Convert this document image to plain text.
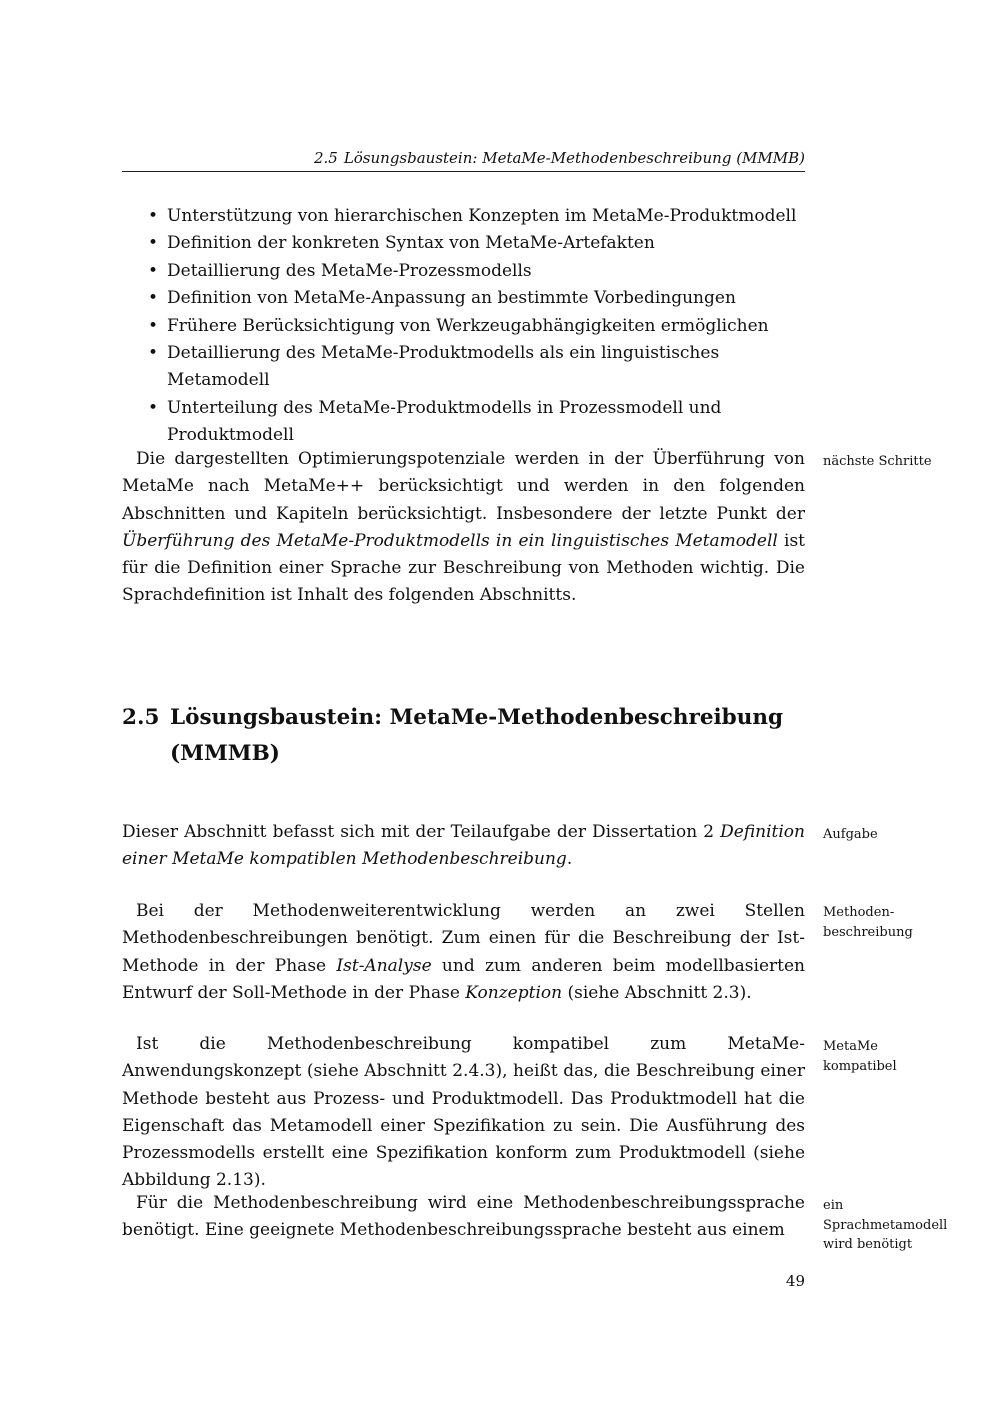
2.5 Lösungsbaustein: MetaMe-Methodenbeschreibung (MMMB)
• Unterstützung von hierarchischen Konzepten im MetaMe-Produktmodell
• Definition der konkreten Syntax von MetaMe-Artefakten
• Detaillierung des MetaMe-Prozessmodells
• Definition von MetaMe-Anpassung an bestimmte Vorbedingungen
• Frühere Berücksichtigung von Werkzeugabhängigkeiten ermöglichen
• Detaillierung des MetaMe-Produktmodells als ein linguistisches Metamodell
• Unterteilung des MetaMe-Produktmodells in Prozessmodell und Produktmodell

Die dargestellten Optimierungspotenziale werden in der Überführung von MetaMe nach MetaMe++ berücksichtigt und werden in den folgenden Abschnitten und Kapiteln berücksichtigt. Insbesondere der letzte Punkt der Überführung des MetaMe-Produktmodells in ein linguistisches Metamodell ist für die Definition einer Sprache zur Beschreibung von Methoden wichtig. Die Sprachdefinition ist Inhalt des folgenden Abschnitts.

nächste Schritte
2.5 Lösungsbaustein: MetaMe-Methodenbeschreibung (MMMB)

Dieser Abschnitt befasst sich mit der Teilaufgabe der Dissertation 2 Definition einer MetaMe kompatiblen Methodenbeschreibung.

Aufgabe

Bei der Methodenweiterentwicklung werden an zwei Stellen Methodenbeschreibungen benötigt. Zum einen für die Beschreibung der Ist-Methode in der Phase Ist-Analyse und zum anderen beim modellbasierten Entwurf der Soll-Methode in der Phase Konzeption (siehe Abschnitt 2.3).

Methoden-
beschreibung

Ist die Methodenbeschreibung kompatibel zum MetaMe-Anwendungskonzept (siehe Abschnitt 2.4.3), heißt das, die Beschreibung einer Methode besteht aus Prozess- und Produktmodell. Das Produktmodell hat die Eigenschaft das Metamodell einer Spezifikation zu sein. Die Ausführung des Prozessmodells erstellt eine Spezifikation konform zum Produktmodell (siehe Abbildung 2.13).

MetaMe
kompatibel

Für die Methodenbeschreibung wird eine Methodenbeschreibungssprache benötigt. Eine geeignete Methodenbeschreibungssprache besteht aus einem

ein
Sprachmetamodell
wird benötigt
49
